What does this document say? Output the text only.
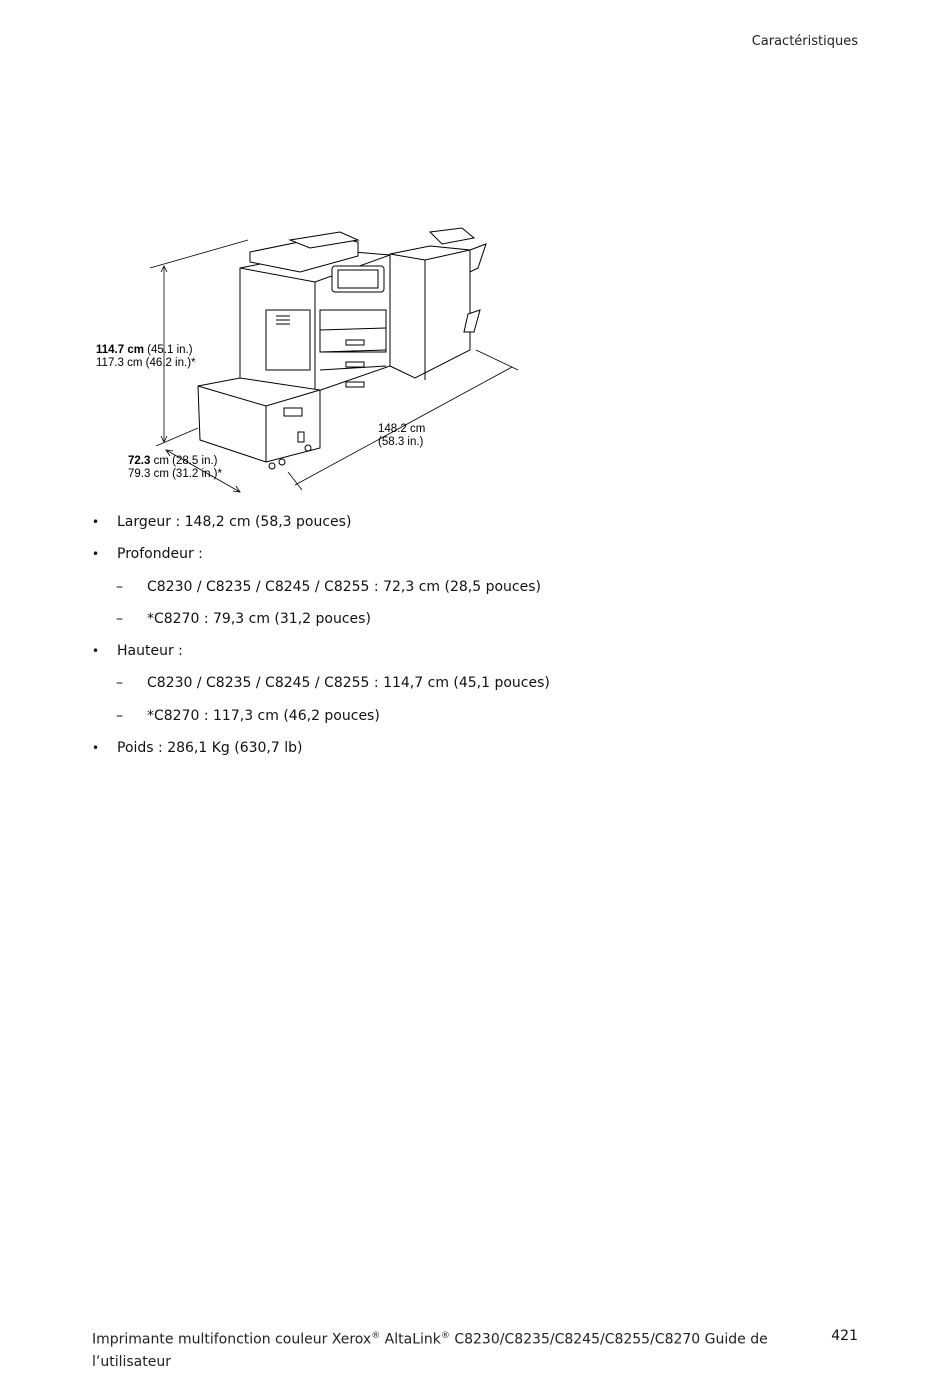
Caractéristiques
114.7 cm (45.1 in.)
117.3 cm (46.2 in.)*
148.2 cm
(58.3 in.)
72.3 cm (28.5 in.)
79.3 cm (31.2 in.)*
• Largeur : 148,2 cm (58,3 pouces)
• Profondeur :
– C8230 / C8235 / C8245 / C8255 : 72,3 cm (28,5 pouces)
– *C8270 : 79,3 cm (31,2 pouces)
• Hauteur :
– C8230 / C8235 / C8245 / C8255 : 114,7 cm (45,1 pouces)
– *C8270 : 117,3 cm (46,2 pouces)
• Poids : 286,1 Kg (630,7 lb)
Imprimante multifonction couleur Xerox® AltaLink® C8230/C8235/C8245/C8255/C8270 Guide de l’utilisateur
421
